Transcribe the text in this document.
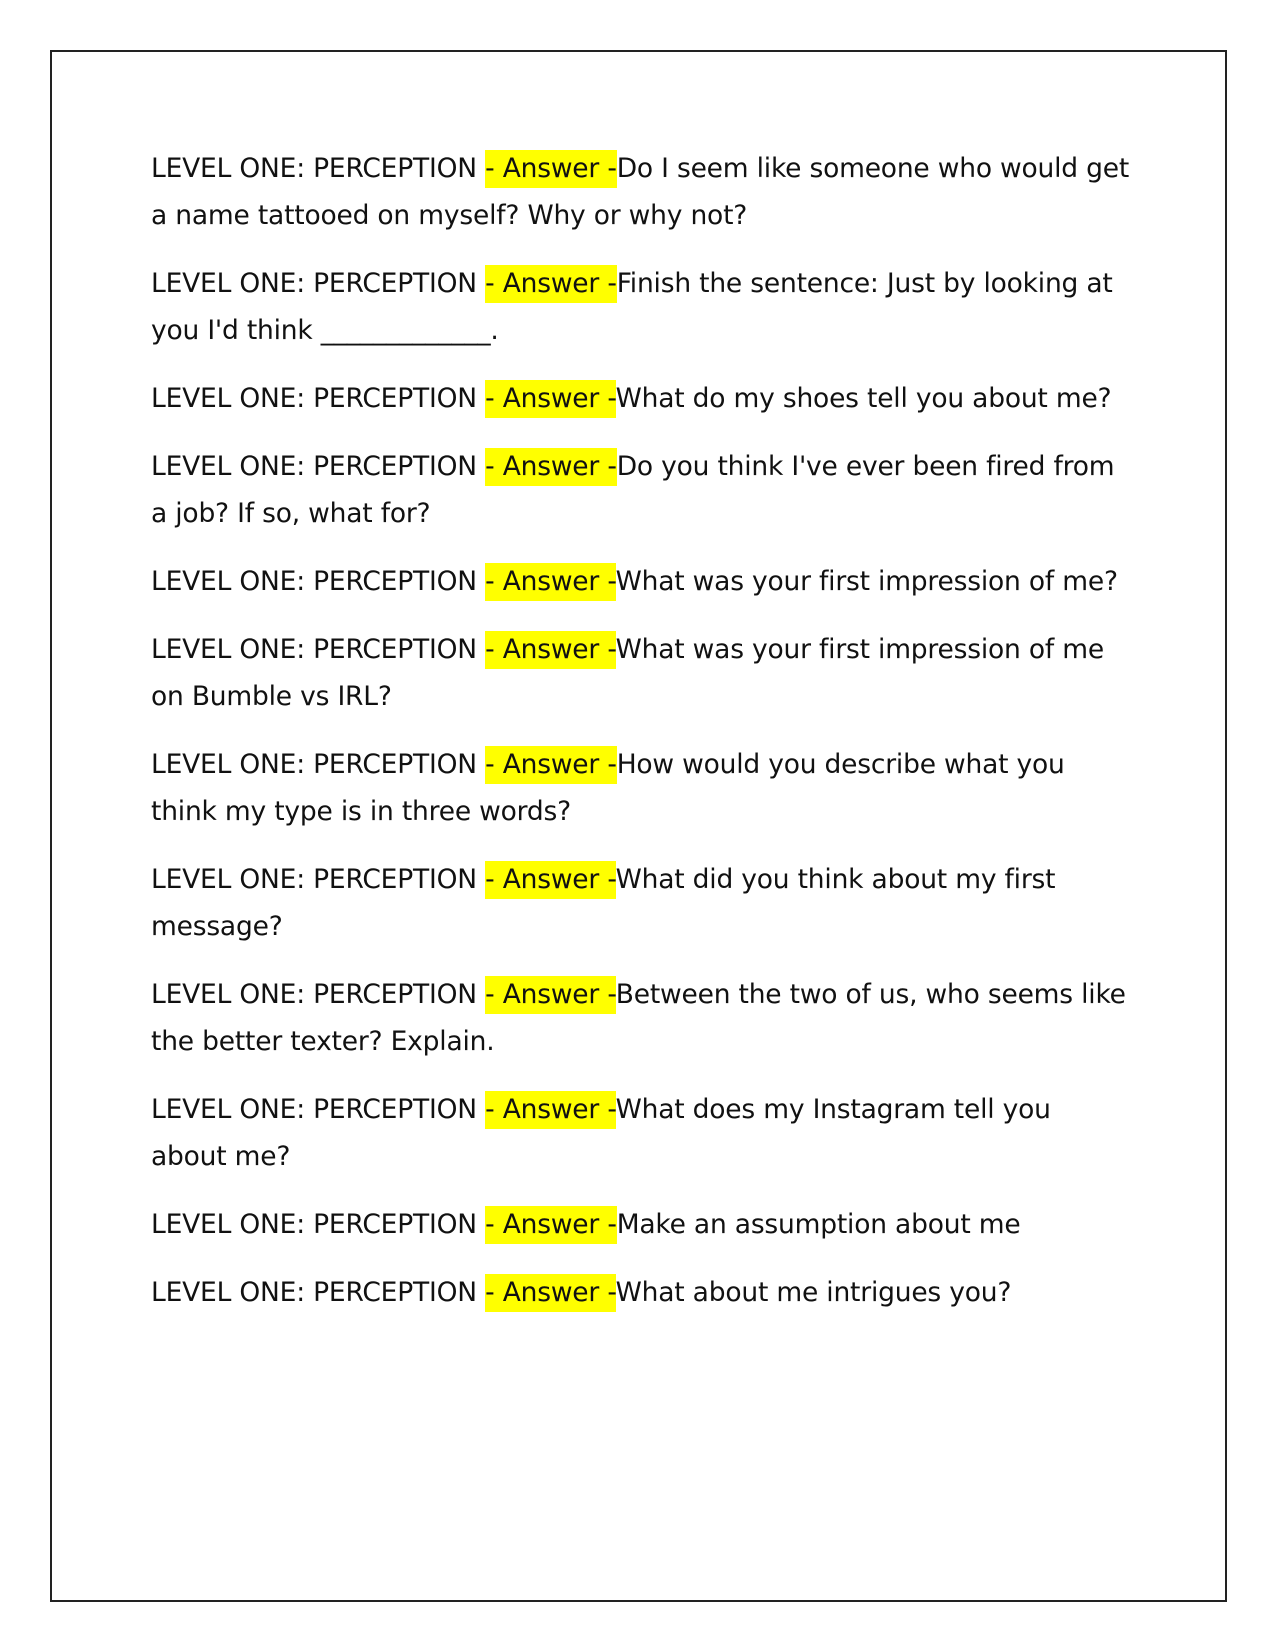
LEVEL ONE: PERCEPTION - Answer -Do I seem like someone who would get a name tattooed on myself? Why or why not?
LEVEL ONE: PERCEPTION - Answer -Finish the sentence: Just by looking at you I'd think _____________.
LEVEL ONE: PERCEPTION - Answer -What do my shoes tell you about me?
LEVEL ONE: PERCEPTION - Answer -Do you think I've ever been fired from a job? If so, what for?
LEVEL ONE: PERCEPTION - Answer -What was your first impression of me?
LEVEL ONE: PERCEPTION - Answer -What was your first impression of me on Bumble vs IRL?
LEVEL ONE: PERCEPTION - Answer -How would you describe what you think my type is in three words?
LEVEL ONE: PERCEPTION - Answer -What did you think about my first message?
LEVEL ONE: PERCEPTION - Answer -Between the two of us, who seems like the better texter? Explain.
LEVEL ONE: PERCEPTION - Answer -What does my Instagram tell you about me?
LEVEL ONE: PERCEPTION - Answer -Make an assumption about me
LEVEL ONE: PERCEPTION - Answer -What about me intrigues you?
